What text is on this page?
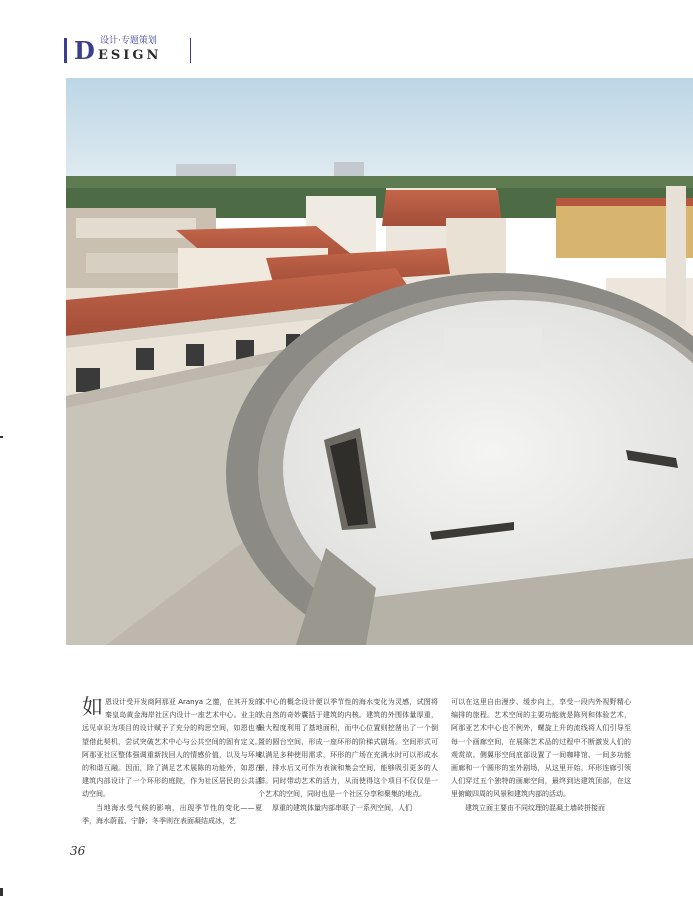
设计·专题策划
D ESIGN

如恩设计受开发商阿那亚 Aranya 之邀，在其开发的秦皇岛黄金海岸社区内设计一座艺术中心。业主的远见卓识为项目的设计赋予了充分的构思空间，如恩也希望借此契机，尝试突破艺术中心与公共空间的固有定义。阿那亚社区整体强调重新找回人的情感价值，以及与环境的和谐互融。因而，除了满足艺术展陈的功能外，如恩在建筑内部设计了一个环形的庭院，作为社区居民的公共活动空间。

当地海水受气候的影响，出现季节性的变化——夏季，海水蔚蓝、宁静；冬季则在表面凝结成冰，艺

术中心的概念设计便以季节性的海水变化为灵感，试图将大自然的奇妙囊括于建筑的内核。建筑的外围体量厚重，最大程度利用了基地面积，而中心位置则挖凿出了一个倒置的圆台空间，形成一座环形的阶梯式剧场。空间形式可以满足多种使用需求，环形的广场在充满水时可以形成水景，排水后又可作为表演和集会空间，能够吸引更多的人群。同时带动艺术的活力，从而使得这个项目不仅仅是一个艺术的空间，同时也是一个社区分享和聚集的地点。

厚重的建筑体量内部串联了一系列空间，人们

可以在这里自由漫步、缓步向上，享受一段内外视野精心编排的旅程。艺术空间的主要功能就是陈列和体验艺术，阿那亚艺术中心也不例外，螺旋上升的流线将人们引导至每一个画廊空间，在展陈艺术品的过程中不断激发人们的观赏欲。侧翼形空间底部设置了一间咖啡馆、一间多功能画廊和一个圆形的室外剧场，从这里开始，环形连廊引领人们穿过五个独特的画廊空间，最终到达建筑顶部，在这里俯瞰四周的风景和建筑内部的活动。

建筑立面主要由不同纹理的混凝土墙砖拼接而

36
